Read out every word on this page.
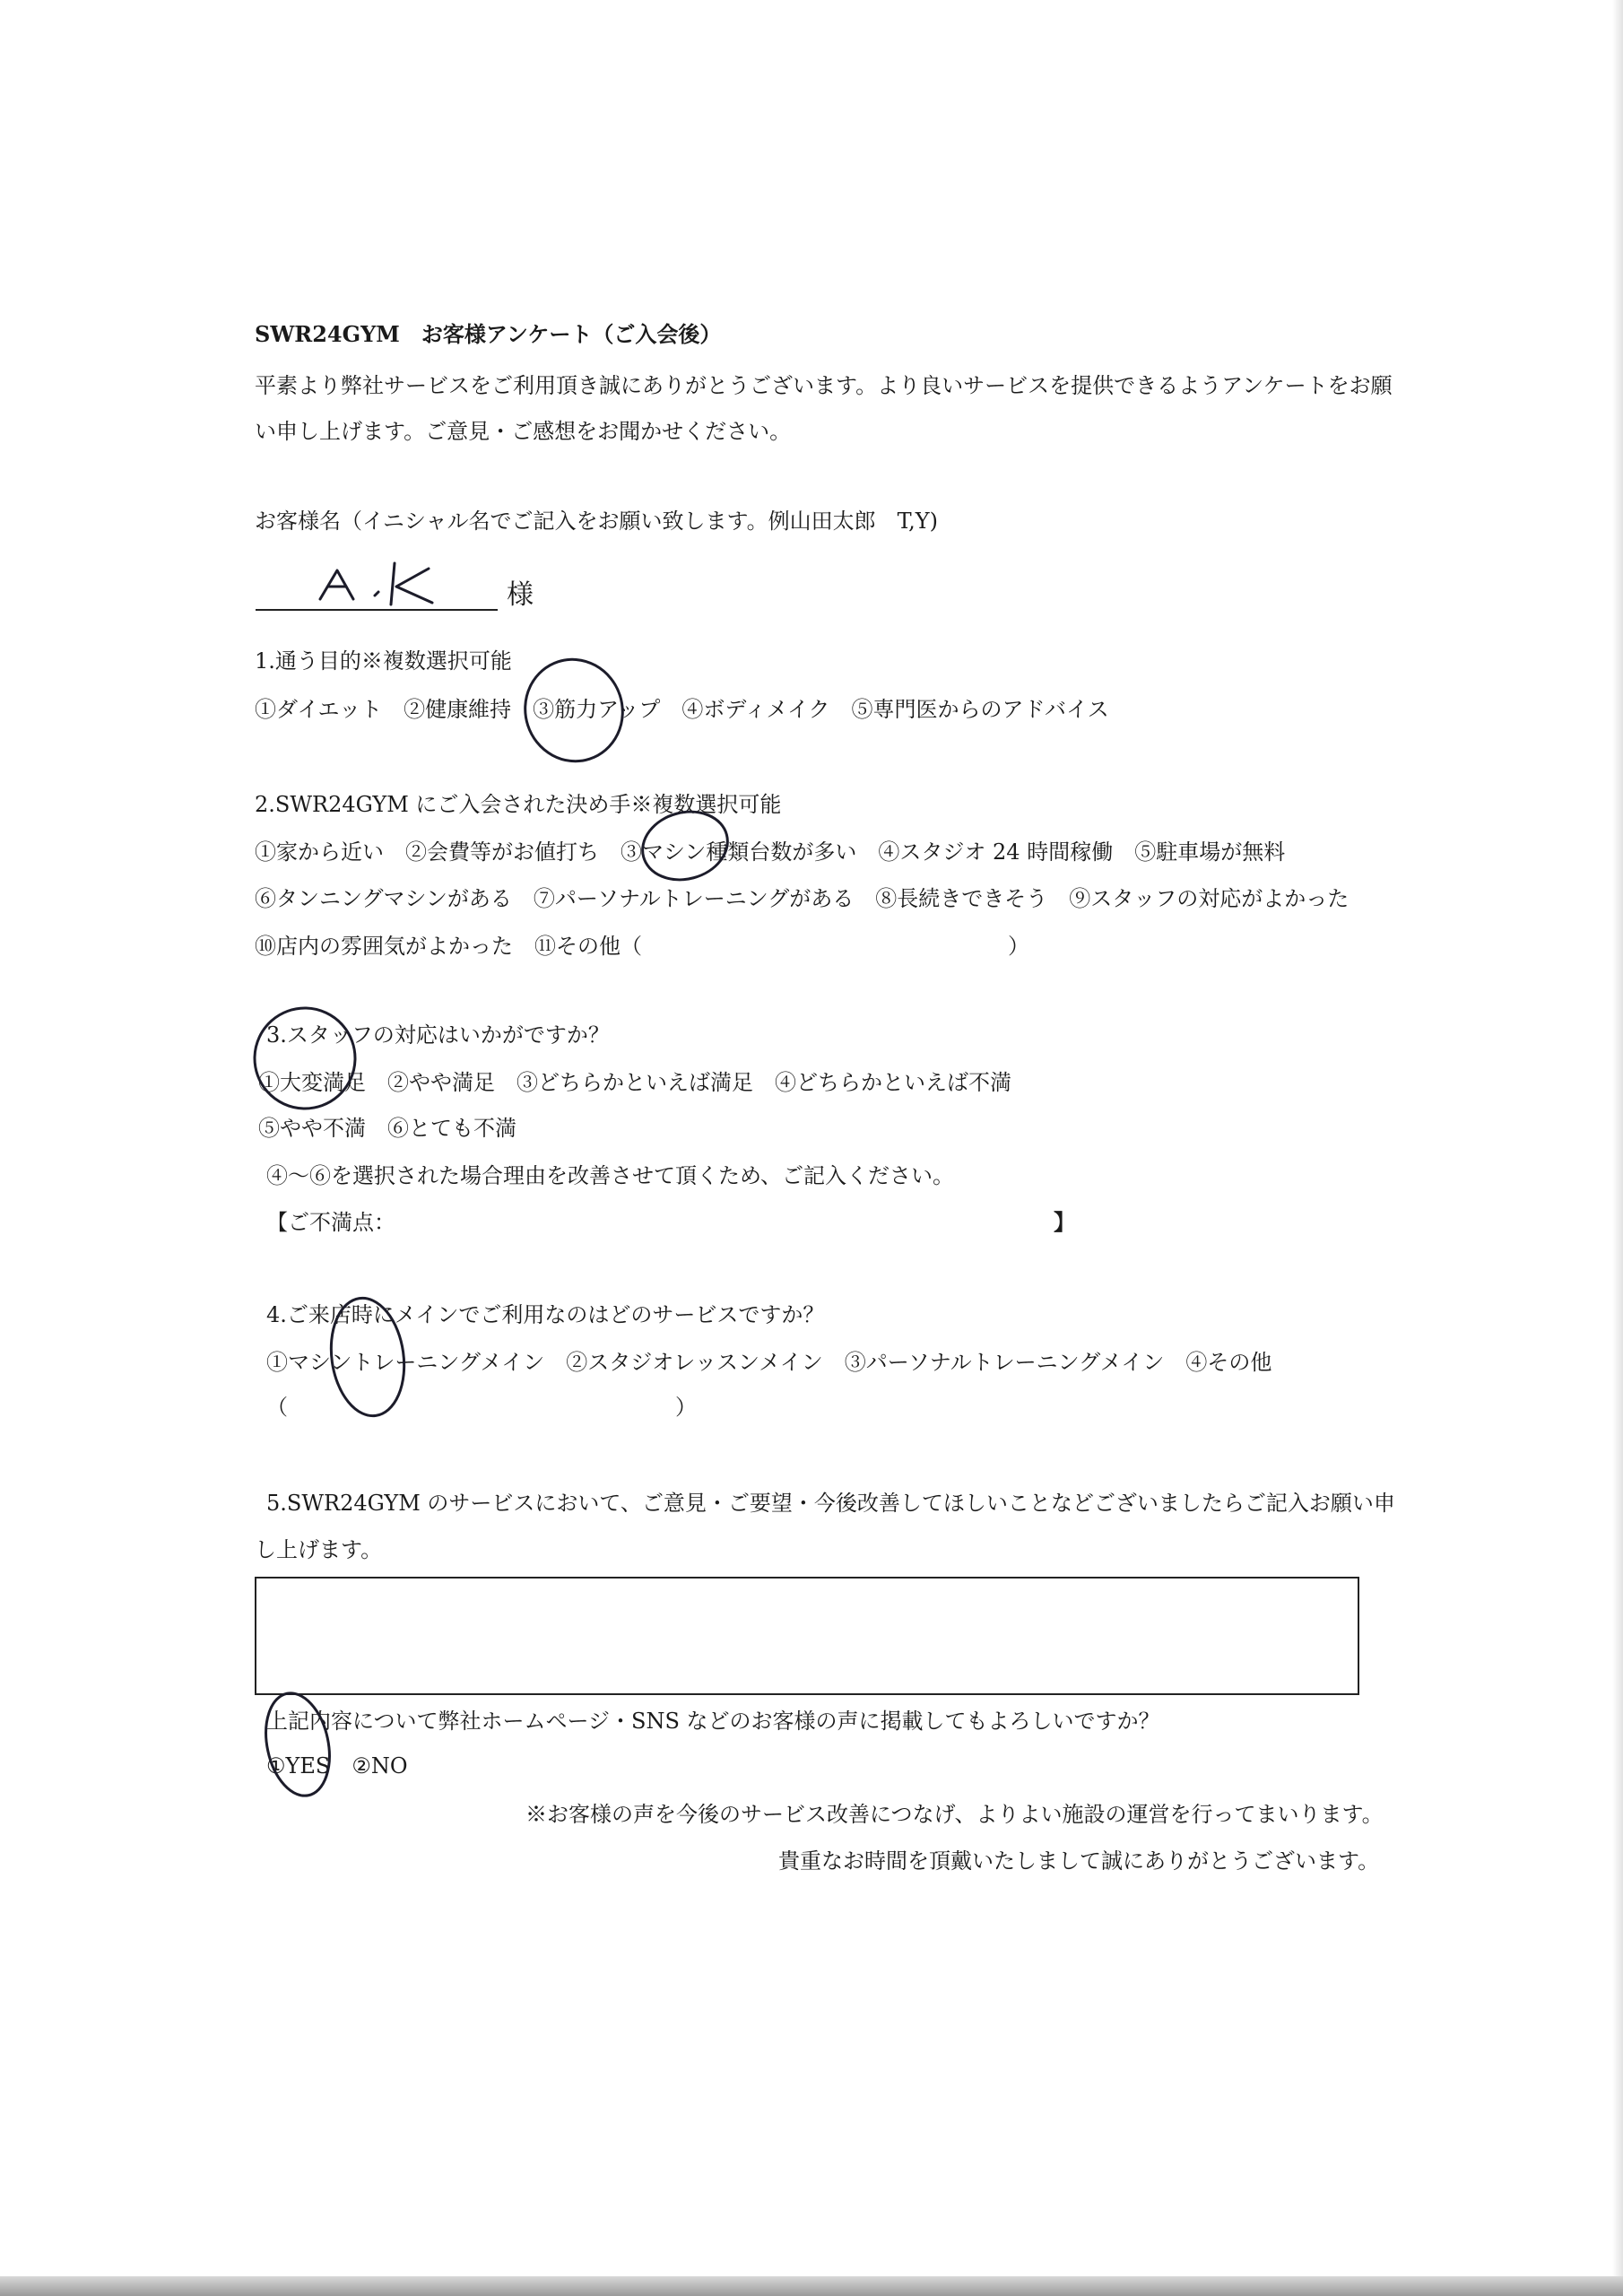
SWR24GYM　お客様アンケート（ご入会後）
平素より弊社サービスをご利用頂き誠にありがとうございます。より良いサービスを提供できるようアンケートをお願
い申し上げます。ご意見・ご感想をお聞かせください。
お客様名（イニシャル名でご記入をお願い致します。例山田太郎　T,Y)
様
1.通う目的※複数選択可能
①ダイエット　②健康維持　③筋力アップ　④ボディメイク　⑤専門医からのアドバイス
2.SWR24GYM にご入会された決め手※複数選択可能
①家から近い　②会費等がお値打ち　③マシン種類台数が多い　④スタジオ 24 時間稼働　⑤駐車場が無料
⑥タンニングマシンがある　⑦パーソナルトレーニングがある　⑧長続きできそう　⑨スタッフの対応がよかった
⑩店内の雰囲気がよかった　⑪その他（　　　　　　　　　　　　　　　　　）
3.スタッフの対応はいかがですか？
①大変満足　②やや満足　③どちらかといえば満足　④どちらかといえば不満
⑤やや不満　⑥とても不満
④～⑥を選択された場合理由を改善させて頂くため、ご記入ください。
【ご不満点：	】
4.ご来店時にメインでご利用なのはどのサービスですか？
①マシントレーニングメイン　②スタジオレッスンメイン　③パーソナルトレーニングメイン　④その他
（　　　　　　　　　　　　　　　　　　）
5.SWR24GYM のサービスにおいて、ご意見・ご要望・今後改善してほしいことなどございましたらご記入お願い申
し上げます。
上記内容について弊社ホームページ・SNS などのお客様の声に掲載してもよろしいですか？
①YES　②NO
※お客様の声を今後のサービス改善につなげ、よりよい施設の運営を行ってまいります。
貴重なお時間を頂戴いたしまして誠にありがとうございます。
